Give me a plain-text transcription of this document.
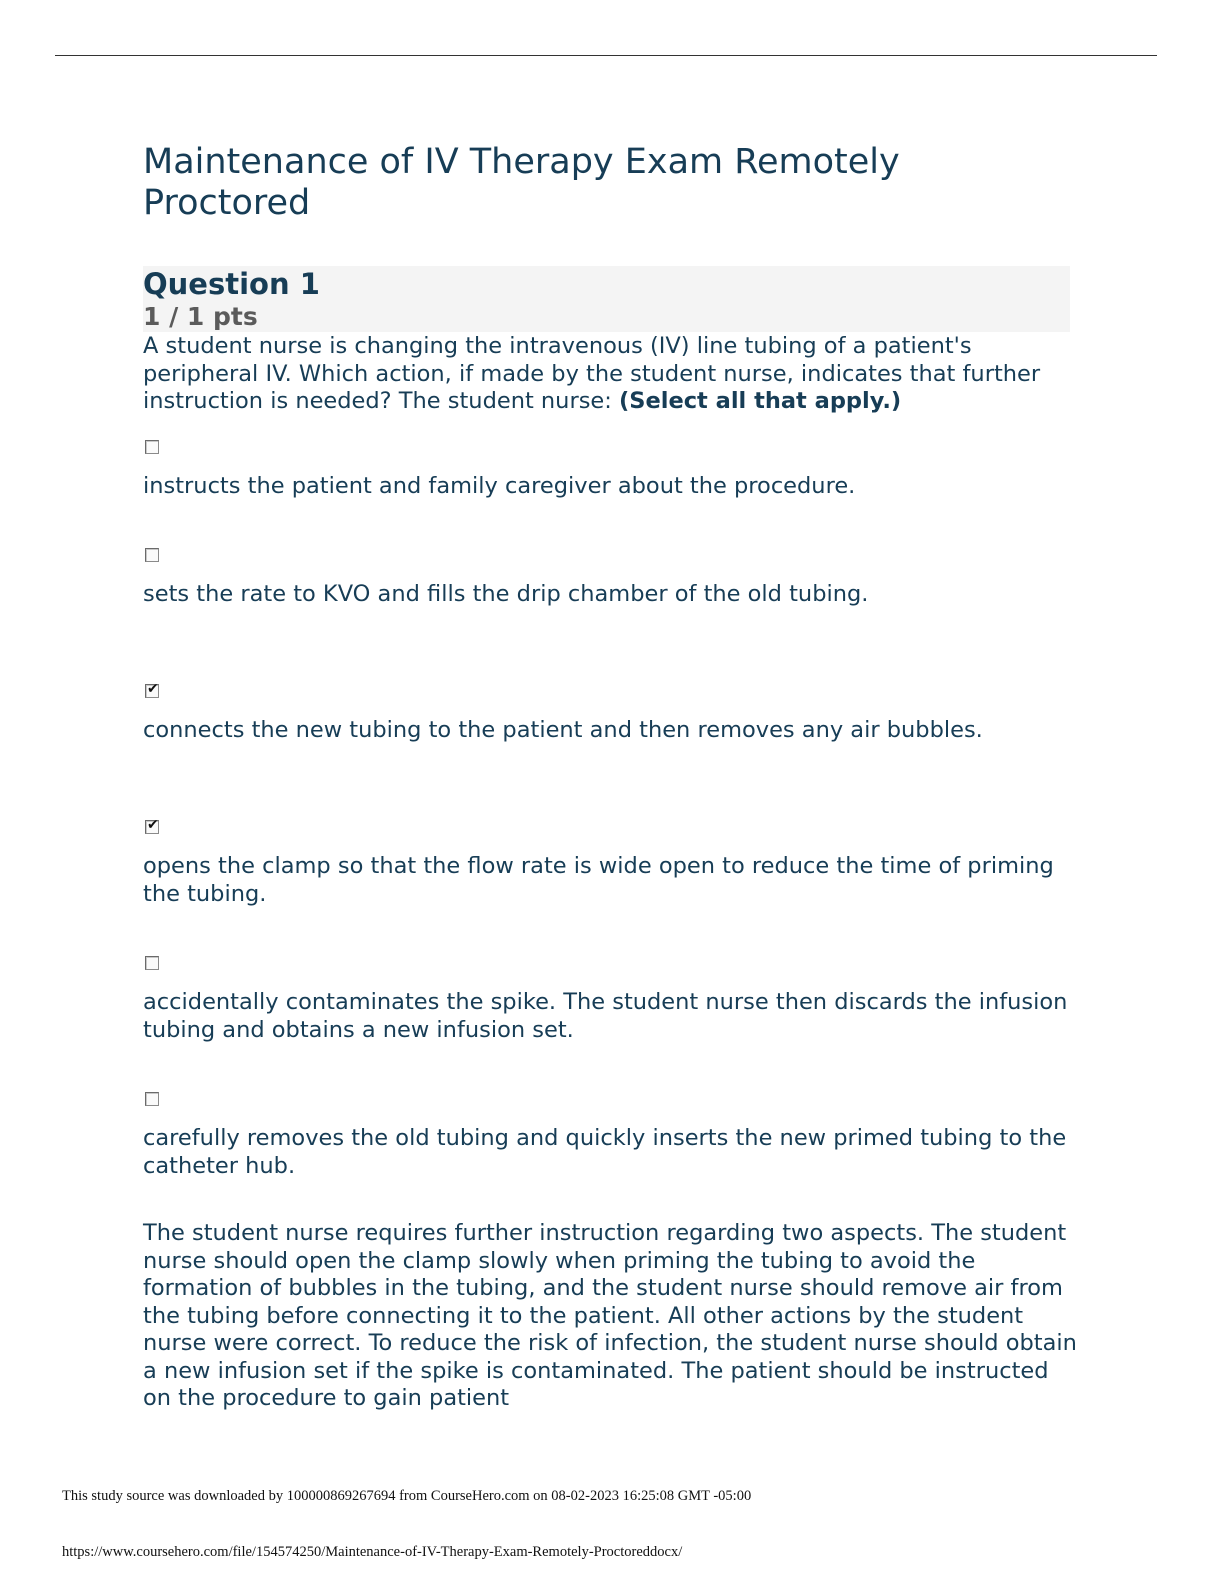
Maintenance of IV Therapy Exam Remotely Proctored
Question 1
1 / 1 pts

A student nurse is changing the intravenous (IV) line tubing of a patient's peripheral IV. Which action, if made by the student nurse, indicates that further instruction is needed? The student nurse: (Select all that apply.)

instructs the patient and family caregiver about the procedure.

sets the rate to KVO and fills the drip chamber of the old tubing.

✔

connects the new tubing to the patient and then removes any air bubbles.

✔

opens the clamp so that the flow rate is wide open to reduce the time of priming the tubing.

accidentally contaminates the spike. The student nurse then discards the infusion tubing and obtains a new infusion set.

carefully removes the old tubing and quickly inserts the new primed tubing to the catheter hub.

The student nurse requires further instruction regarding two aspects. The student nurse should open the clamp slowly when priming the tubing to avoid the formation of bubbles in the tubing, and the student nurse should remove air from the tubing before connecting it to the patient. All other actions by the student nurse were correct. To reduce the risk of infection, the student nurse should obtain a new infusion set if the spike is contaminated. The patient should be instructed on the procedure to gain patient

This study source was downloaded by 100000869267694 from CourseHero.com on 08-02-2023 16:25:08 GMT -05:00
https://www.coursehero.com/file/154574250/Maintenance-of-IV-Therapy-Exam-Remotely-Proctoreddocx/
